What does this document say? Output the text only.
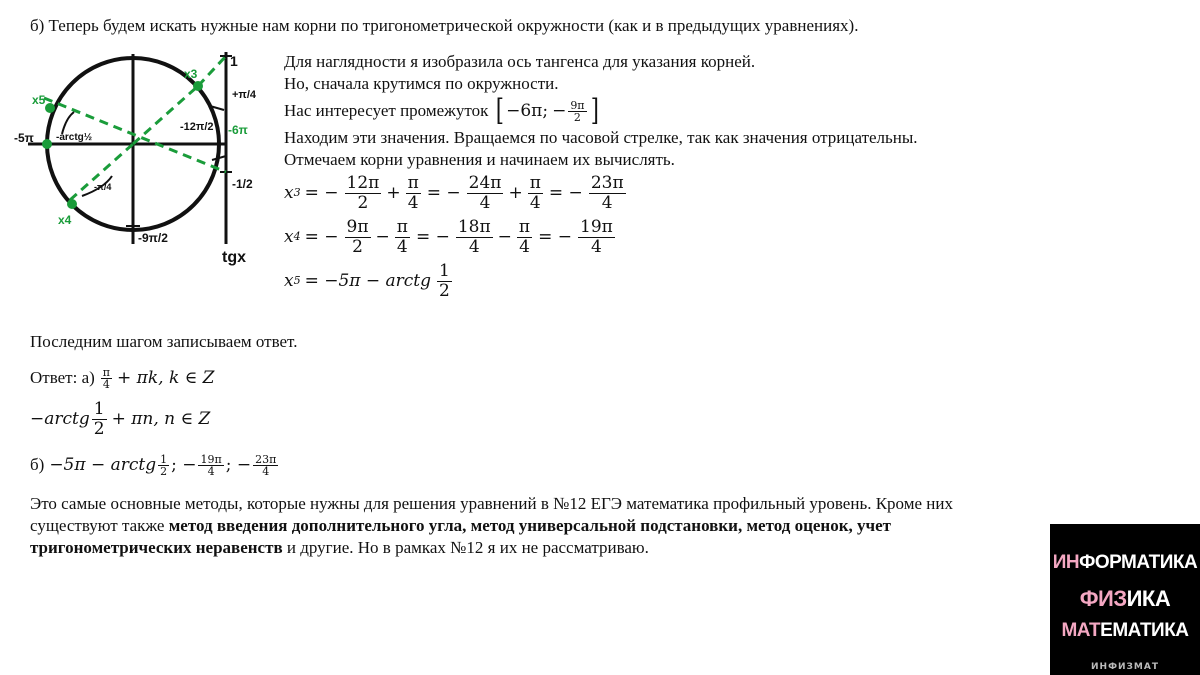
б) Теперь будем искать нужные нам корни по тригонометрической окружности (как и в предыдущих уравнениях).
x5
x3
x4
-5π -arctg½
-12π/2 -6π
+π/4
-9π/2
1
-1/2
tgx
-π/4
Для наглядности я изобразила ось тангенса для указания корней.
Но, сначала крутимся по окружности.
Нас интересует промежуток [ −6π; − $\frac{9\pi}{2}$ ]
Находим эти значения. Вращаемся по часовой стрелке, так как значения отрицательны.
Отмечаем корни уравнения и начинаем их вычислять.
x 3 = − $\frac{12\pi}{2} + \frac{\pi}{4}$ = − $\frac{24\pi}{4} + \frac{\pi}{4}$ = − $\frac{23\pi}{4}$
x 4 = − $\frac{9\pi}{2} - \frac{\pi}{4}$ = − $\frac{18\pi}{4} - \frac{\pi}{4}$ = − $\frac{19\pi}{4}$
x 5 = −5π − arctg $\frac{1}{2}$
Последним шагом записываем ответ.
Ответ: $а) \frac{\pi}{4} + \pi k$, k ∈ Z
−arctg $\frac{1}{2} + \pi n$, n ∈ Z
б) −5π − arctg $\frac{1}{2}$ ; − $\frac{19\pi}{4}$ ; − $\frac{23\pi}{4}$
Это самые основные методы, которые нужны для решения уравнений в №12 ЕГЭ математика профильный уровень. Кроме них
существуют также метод введения дополнительного угла, метод универсальной подстановки, метод оценок, учет
тригонометрических неравенств и другие. Но в рамках №12 я их не рассматриваю.
ИНФОРМАТИКА
ФИЗИКА
МАТЕМАТИКА
ИНФИЗМАТ
